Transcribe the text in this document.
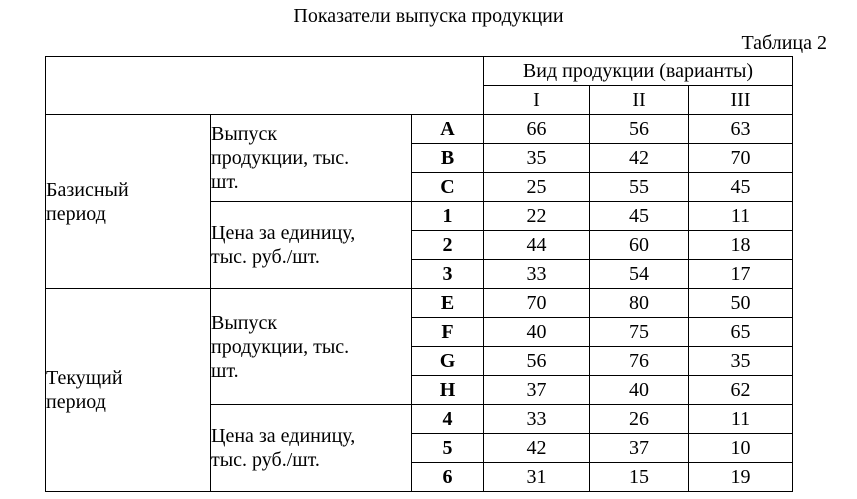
Показатели выпуска продукции
Таблица 2
			Вид продукции (варианты)		
			I	II	III
Базисный
период	Выпуск
продукции, тыс.
шт.	A	66	56	63
		B	35	42	70
		C	25	55	45
	Цена за единицу,
тыс. руб./шт.	1	22	45	11
		2	44	60	18
		3	33	54	17
Текущий
период	Выпуск
продукции, тыс.
шт.	E	70	80	50
		F	40	75	65
		G	56	76	35
		H	37	40	62
	Цена за единицу,
тыс. руб./шт.	4	33	26	11
		5	42	37	10
		6	31	15	19
